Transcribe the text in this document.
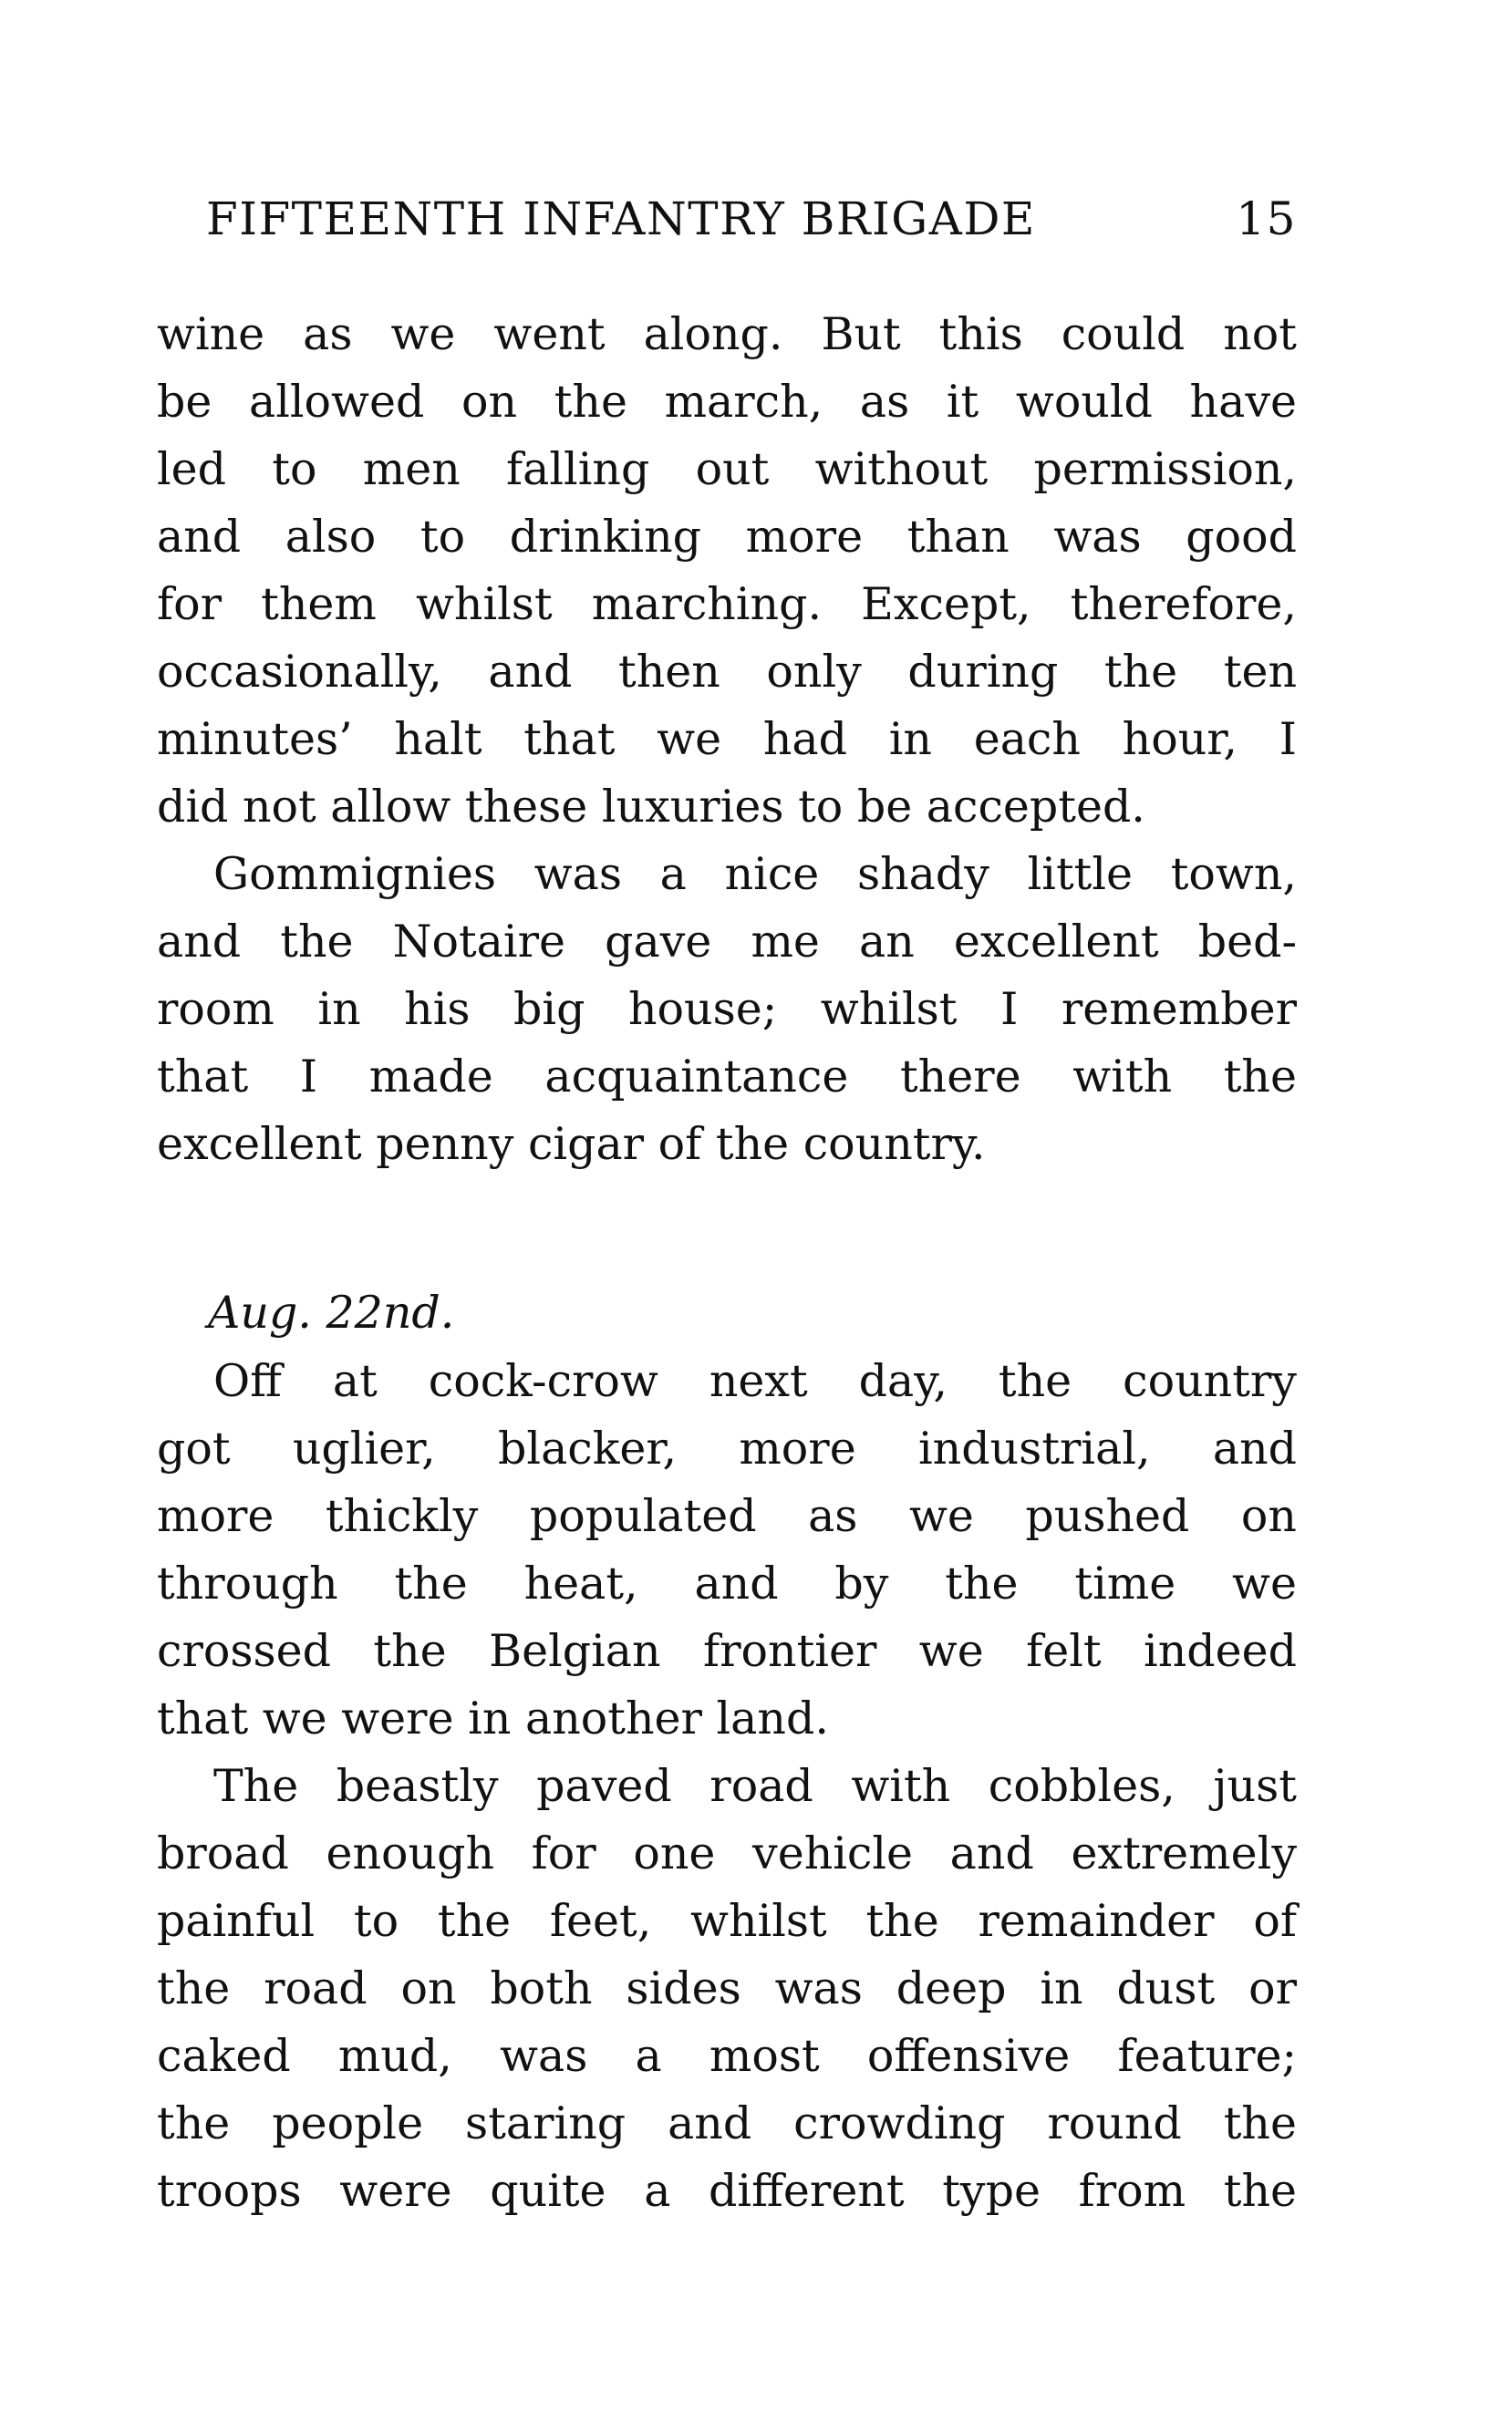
FIFTEENTH INFANTRY BRIGADE	15
wine as we went along. But this could not
be allowed on the march, as it would have
led to men falling out without permission,
and also to drinking more than was good
for them whilst marching. Except, therefore,
occasionally, and then only during the ten
minutes’ halt that we had in each hour, I
did not allow these luxuries to be accepted.
Gommignies was a nice shady little town,
and the Notaire gave me an excellent bed-
room in his big house; whilst I remember
that I made acquaintance there with the
excellent penny cigar of the country.
Aug. 22nd.
Off at cock-crow next day, the country
got uglier, blacker, more industrial, and
more thickly populated as we pushed on
through the heat, and by the time we
crossed the Belgian frontier we felt indeed
that we were in another land.
The beastly paved road with cobbles, just
broad enough for one vehicle and extremely
painful to the feet, whilst the remainder of
the road on both sides was deep in dust or
caked mud, was a most offensive feature;
the people staring and crowding round the
troops were quite a different type from the
